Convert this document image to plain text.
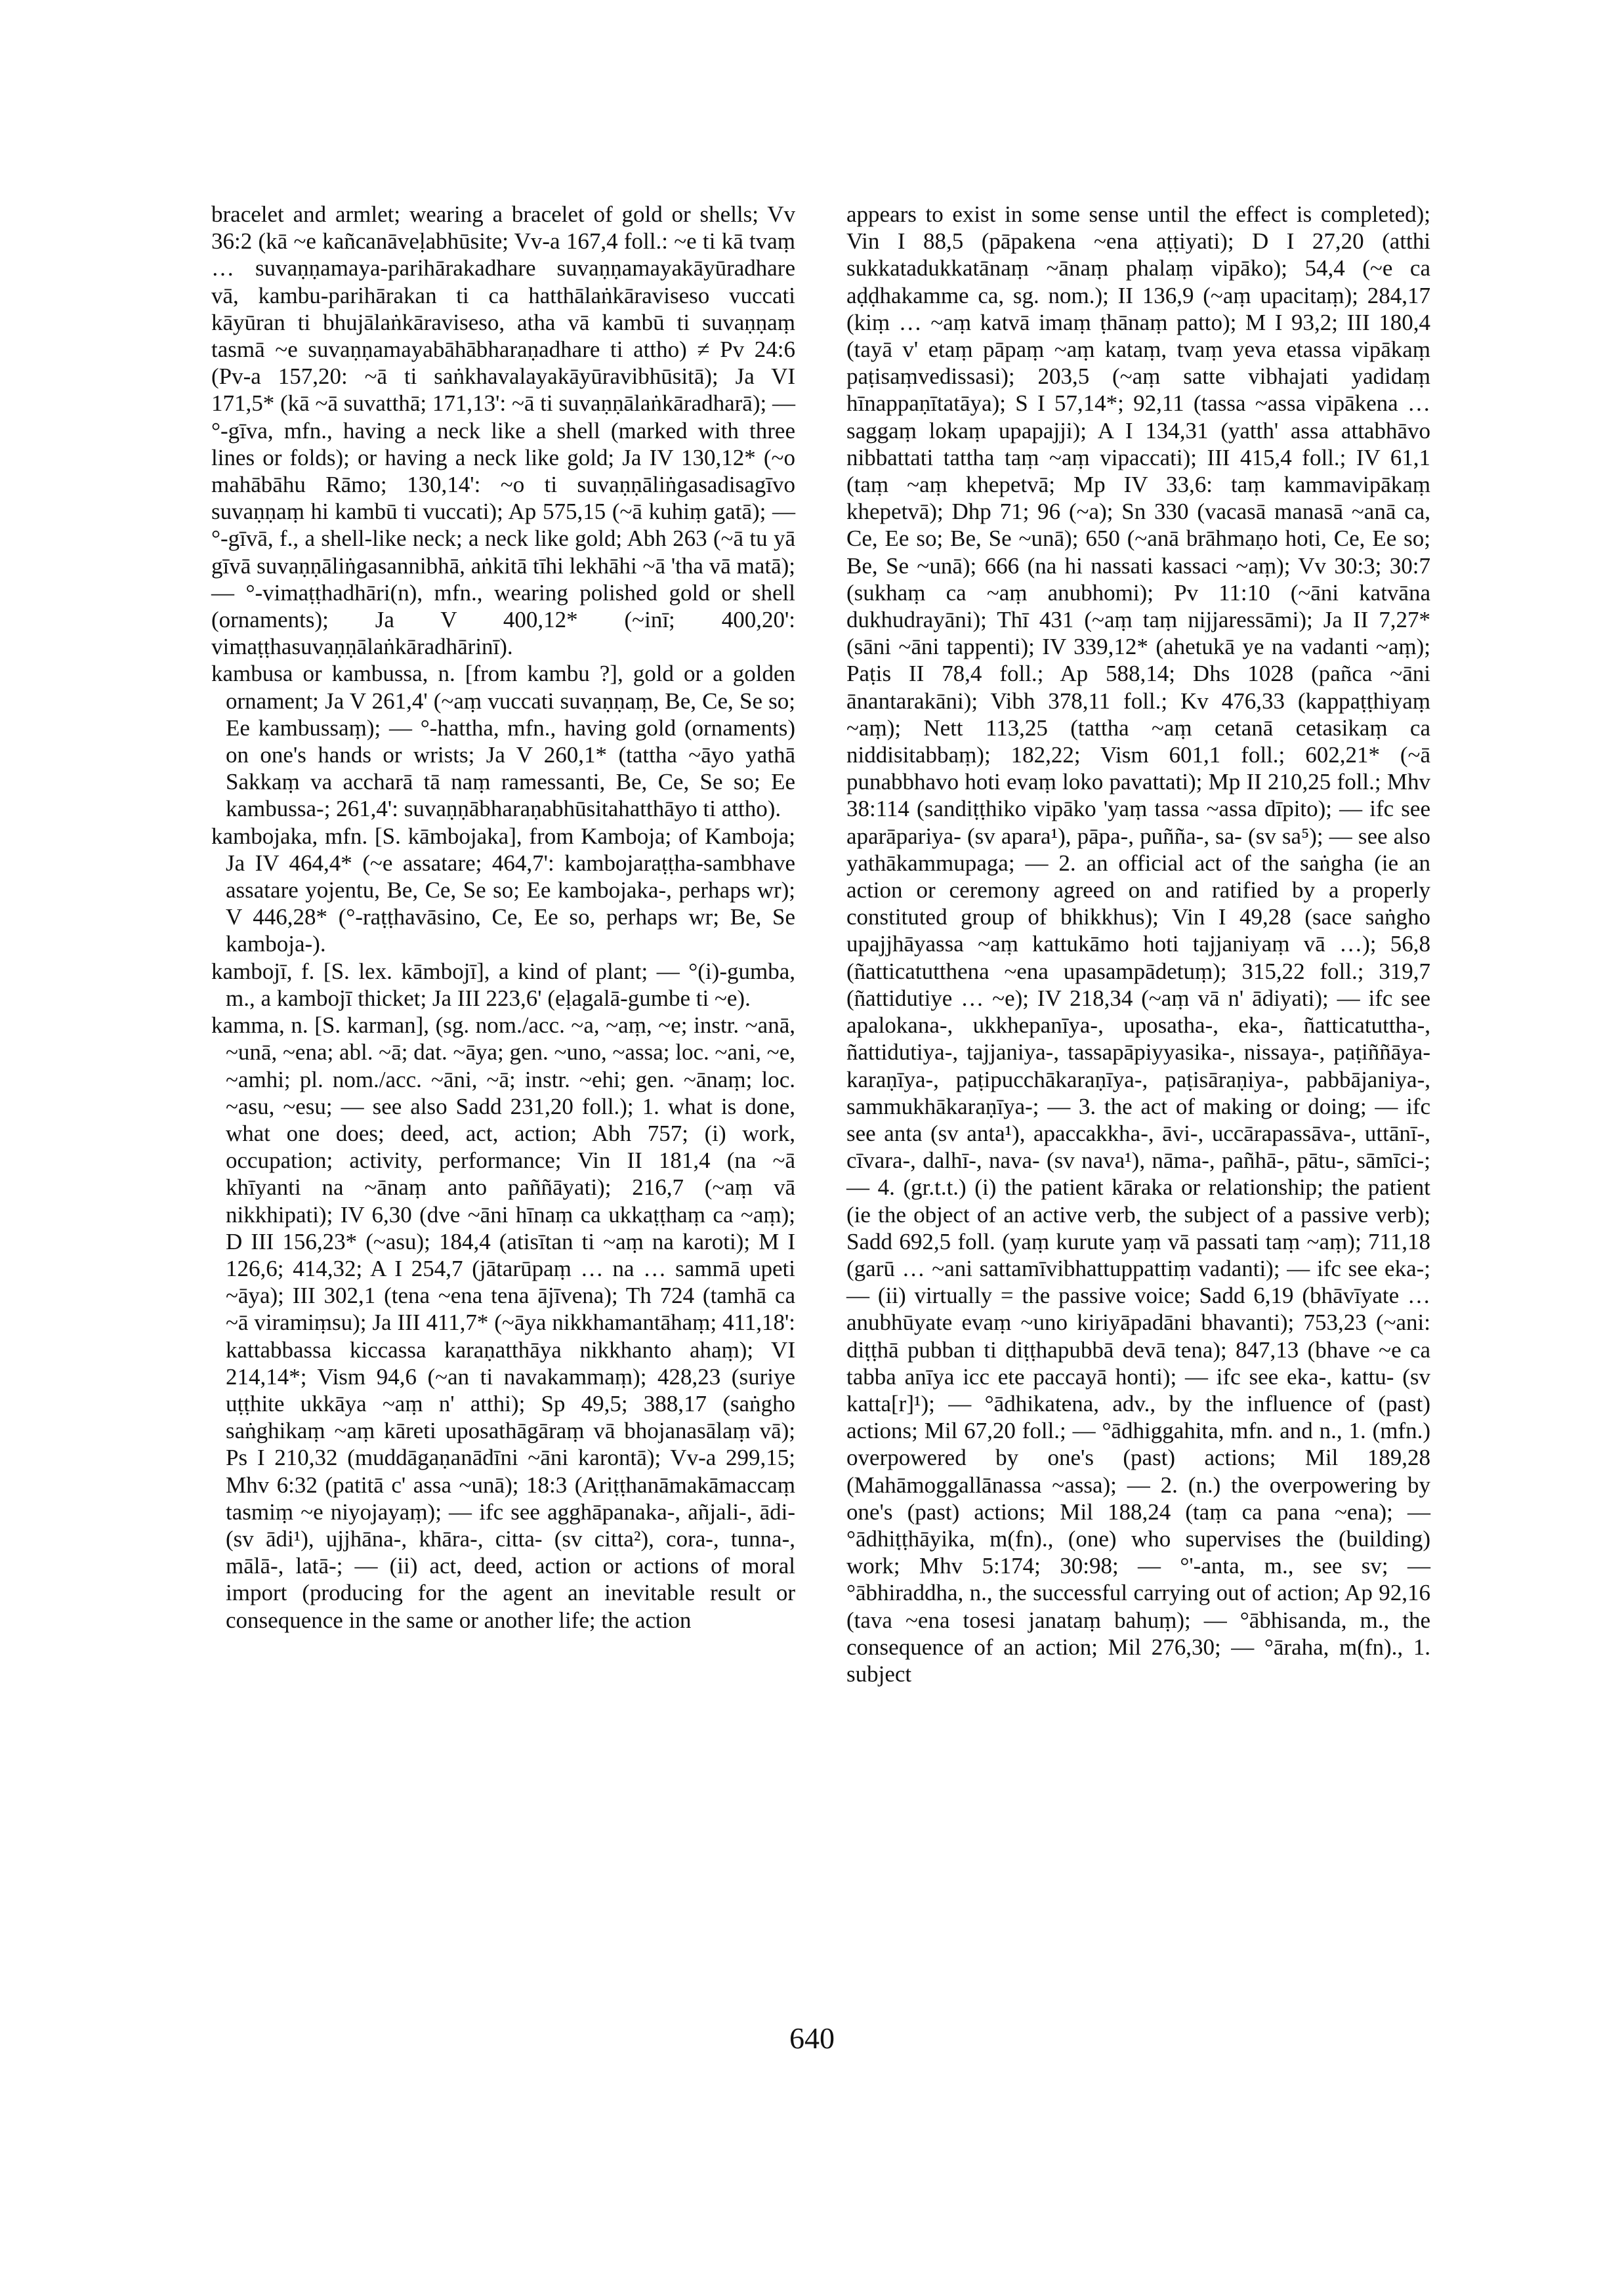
bracelet and armlet; wearing a bracelet of gold or shells; Vv 36:2 (kā ~e kañcanāveḷabhūsite; Vv-a 167,4 foll.: ~e ti kā tvaṃ … suvaṇṇamaya-parihārakadhare suvaṇṇamayakāyūradhare vā, kambu-parihārakan ti ca hatthālaṅkāraviseso vuccati kāyūran ti bhujālaṅkāraviseso, atha vā kambū ti suvaṇṇaṃ tasmā ~e suvaṇṇamayabāhābharaṇadhare ti attho) ≠ Pv 24:6 (Pv-a 157,20: ~ā ti saṅkhavalayakāyūravibhūsitā); Ja VI 171,5* (kā ~ā suvatthā; 171,13': ~ā ti suvaṇṇālaṅkāradharā); — °-gīva, mfn., having a neck like a shell (marked with three lines or folds); or having a neck like gold; Ja IV 130,12* (~o mahābāhu Rāmo; 130,14': ~o ti suvaṇṇāliṅgasadisagīvo suvaṇṇaṃ hi kambū ti vuccati); Ap 575,15 (~ā kuhiṃ gatā); — °-gīvā, f., a shell-like neck; a neck like gold; Abh 263 (~ā tu yā gīvā suvaṇṇāliṅgasannibhā, aṅkitā tīhi lekhāhi ~ā 'tha vā matā); — °-vimaṭṭhadhāri(n), mfn., wearing polished gold or shell (ornaments); Ja V 400,12* (~inī; 400,20': vimaṭṭhasuvaṇṇālaṅkāradhārinī).

kambusa or kambussa, n. [from kambu ?], gold or a golden ornament; Ja V 261,4' (~aṃ vuccati suvaṇṇaṃ, Be, Ce, Se so; Ee kambussaṃ); — °-hattha, mfn., having gold (ornaments) on one's hands or wrists; Ja V 260,1* (tattha ~āyo yathā Sakkaṃ va accharā tā naṃ ramessanti, Be, Ce, Se so; Ee kambussa-; 261,4': suvaṇṇābharaṇabhūsitahatthāyo ti attho).

kambojaka, mfn. [S. kāmbojaka], from Kamboja; of Kamboja; Ja IV 464,4* (~e assatare; 464,7': kambojaraṭṭha-sambhave assatare yojentu, Be, Ce, Se so; Ee kambojaka-, perhaps wr); V 446,28* (°-raṭṭhavāsino, Ce, Ee so, perhaps wr; Be, Se kamboja-).

kambojī, f. [S. lex. kāmbojī], a kind of plant; — °(i)-gumba, m., a kambojī thicket; Ja III 223,6' (eḷagalā-gumbe ti ~e).

kamma, n. [S. karman], (sg. nom./acc. ~a, ~aṃ, ~e; instr. ~anā, ~unā, ~ena; abl. ~ā; dat. ~āya; gen. ~uno, ~assa; loc. ~ani, ~e, ~amhi; pl. nom./acc. ~āni, ~ā; instr. ~ehi; gen. ~ānaṃ; loc. ~asu, ~esu; — see also Sadd 231,20 foll.); 1. what is done, what one does; deed, act, action; Abh 757; (i) work, occupation; activity, performance; Vin II 181,4 (na ~ā khīyanti na ~ānaṃ anto paññāyati); 216,7 (~aṃ vā nikkhipati); IV 6,30 (dve ~āni hīnaṃ ca ukkaṭṭhaṃ ca ~aṃ); D III 156,23* (~asu); 184,4 (atisītan ti ~aṃ na karoti); M I 126,6; 414,32; A I 254,7 (jātarūpaṃ … na … sammā upeti ~āya); III 302,1 (tena ~ena tena ājīvena); Th 724 (tamhā ca ~ā viramiṃsu); Ja III 411,7* (~āya nikkhamantāhaṃ; 411,18': kattabbassa kiccassa karaṇatthāya nikkhanto ahaṃ); VI 214,14*; Vism 94,6 (~an ti navakammaṃ); 428,23 (suriye uṭṭhite ukkāya ~aṃ n' atthi); Sp 49,5; 388,17 (saṅgho saṅghikaṃ ~aṃ kāreti uposathāgāraṃ vā bhojanasālaṃ vā); Ps I 210,32 (muddāgaṇanādīni ~āni karontā); Vv-a 299,15; Mhv 6:32 (patitā c' assa ~unā); 18:3 (Ariṭṭhanāmakāmaccaṃ tasmiṃ ~e niyojayaṃ); — ifc see agghāpanaka-, añjali-, ādi- (sv ādi¹), ujjhāna-, khāra-, citta- (sv citta²), cora-, tunna-, mālā-, latā-; — (ii) act, deed, action or actions of moral import (producing for the agent an inevitable result or consequence in the same or another life; the action

appears to exist in some sense until the effect is completed); Vin I 88,5 (pāpakena ~ena aṭṭiyati); D I 27,20 (atthi sukkatadukkatānaṃ ~ānaṃ phalaṃ vipāko); 54,4 (~e ca aḍḍhakamme ca, sg. nom.); II 136,9 (~aṃ upacitaṃ); 284,17 (kiṃ … ~aṃ katvā imaṃ ṭhānaṃ patto); M I 93,2; III 180,4 (tayā v' etaṃ pāpaṃ ~aṃ kataṃ, tvaṃ yeva etassa vipākaṃ paṭisaṃvedissasi); 203,5 (~aṃ satte vibhajati yadidaṃ hīnappaṇītatāya); S I 57,14*; 92,11 (tassa ~assa vipākena … saggaṃ lokaṃ upapajji); A I 134,31 (yatth' assa attabhāvo nibbattati tattha taṃ ~aṃ vipaccati); III 415,4 foll.; IV 61,1 (taṃ ~aṃ khepetvā; Mp IV 33,6: taṃ kammavipākaṃ khepetvā); Dhp 71; 96 (~a); Sn 330 (vacasā manasā ~anā ca, Ce, Ee so; Be, Se ~unā); 650 (~anā brāhmaṇo hoti, Ce, Ee so; Be, Se ~unā); 666 (na hi nassati kassaci ~aṃ); Vv 30:3; 30:7 (sukhaṃ ca ~aṃ anubhomi); Pv 11:10 (~āni katvāna dukhudrayāni); Thī 431 (~aṃ taṃ nijjaressāmi); Ja II 7,27* (sāni ~āni tappenti); IV 339,12* (ahetukā ye na vadanti ~aṃ); Paṭis II 78,4 foll.; Ap 588,14; Dhs 1028 (pañca ~āni ānantarakāni); Vibh 378,11 foll.; Kv 476,33 (kappaṭṭhiyaṃ ~aṃ); Nett 113,25 (tattha ~aṃ cetanā cetasikaṃ ca niddisitabbaṃ); 182,22; Vism 601,1 foll.; 602,21* (~ā punabbhavo hoti evaṃ loko pavattati); Mp II 210,25 foll.; Mhv 38:114 (sandiṭṭhiko vipāko 'yaṃ tassa ~assa dīpito); — ifc see aparāpariya- (sv apara¹), pāpa-, puñña-, sa- (sv sa⁵); — see also yathākammupaga; — 2. an official act of the saṅgha (ie an action or ceremony agreed on and ratified by a properly constituted group of bhikkhus); Vin I 49,28 (sace saṅgho upajjhāyassa ~aṃ kattukāmo hoti tajjaniyaṃ vā …); 56,8 (ñatticatutthena ~ena upasampādetuṃ); 315,22 foll.; 319,7 (ñattidutiye … ~e); IV 218,34 (~aṃ vā n' ādiyati); — ifc see apalokana-, ukkhepanīya-, uposatha-, eka-, ñatticatuttha-, ñattidutiya-, tajjaniya-, tassapāpiyyasika-, nissaya-, paṭiññāya-karaṇīya-, paṭipucchākaraṇīya-, paṭisāraṇiya-, pabbājaniya-, sammukhākaraṇīya-; — 3. the act of making or doing; — ifc see anta (sv anta¹), apaccakkha-, āvi-, uccārapassāva-, uttānī-, cīvara-, dalhī-, nava- (sv nava¹), nāma-, pañhā-, pātu-, sāmīci-; — 4. (gr.t.t.) (i) the patient kāraka or relationship; the patient (ie the object of an active verb, the subject of a passive verb); Sadd 692,5 foll. (yaṃ kurute yaṃ vā passati taṃ ~aṃ); 711,18 (garū … ~ani sattamīvibhattuppattiṃ vadanti); — ifc see eka-; — (ii) virtually = the passive voice; Sadd 6,19 (bhāvīyate … anubhūyate evaṃ ~uno kiriyāpadāni bhavanti); 753,23 (~ani: diṭṭhā pubban ti diṭṭhapubbā devā tena); 847,13 (bhave ~e ca tabba anīya icc ete paccayā honti); — ifc see eka-, kattu- (sv katta[r]¹); — °ādhikatena, adv., by the influence of (past) actions; Mil 67,20 foll.; — °ādhiggahita, mfn. and n., 1. (mfn.) overpowered by one's (past) actions; Mil 189,28 (Mahāmoggallānassa ~assa); — 2. (n.) the overpowering by one's (past) actions; Mil 188,24 (taṃ ca pana ~ena); — °ādhiṭṭhāyika, m(fn)., (one) who supervises the (building) work; Mhv 5:174; 30:98; — °'-anta, m., see sv; — °ābhiraddha, n., the successful carrying out of action; Ap 92,16 (tava ~ena tosesi janataṃ bahuṃ); — °ābhisanda, m., the consequence of an action; Mil 276,30; — °āraha, m(fn)., 1. subject

640
